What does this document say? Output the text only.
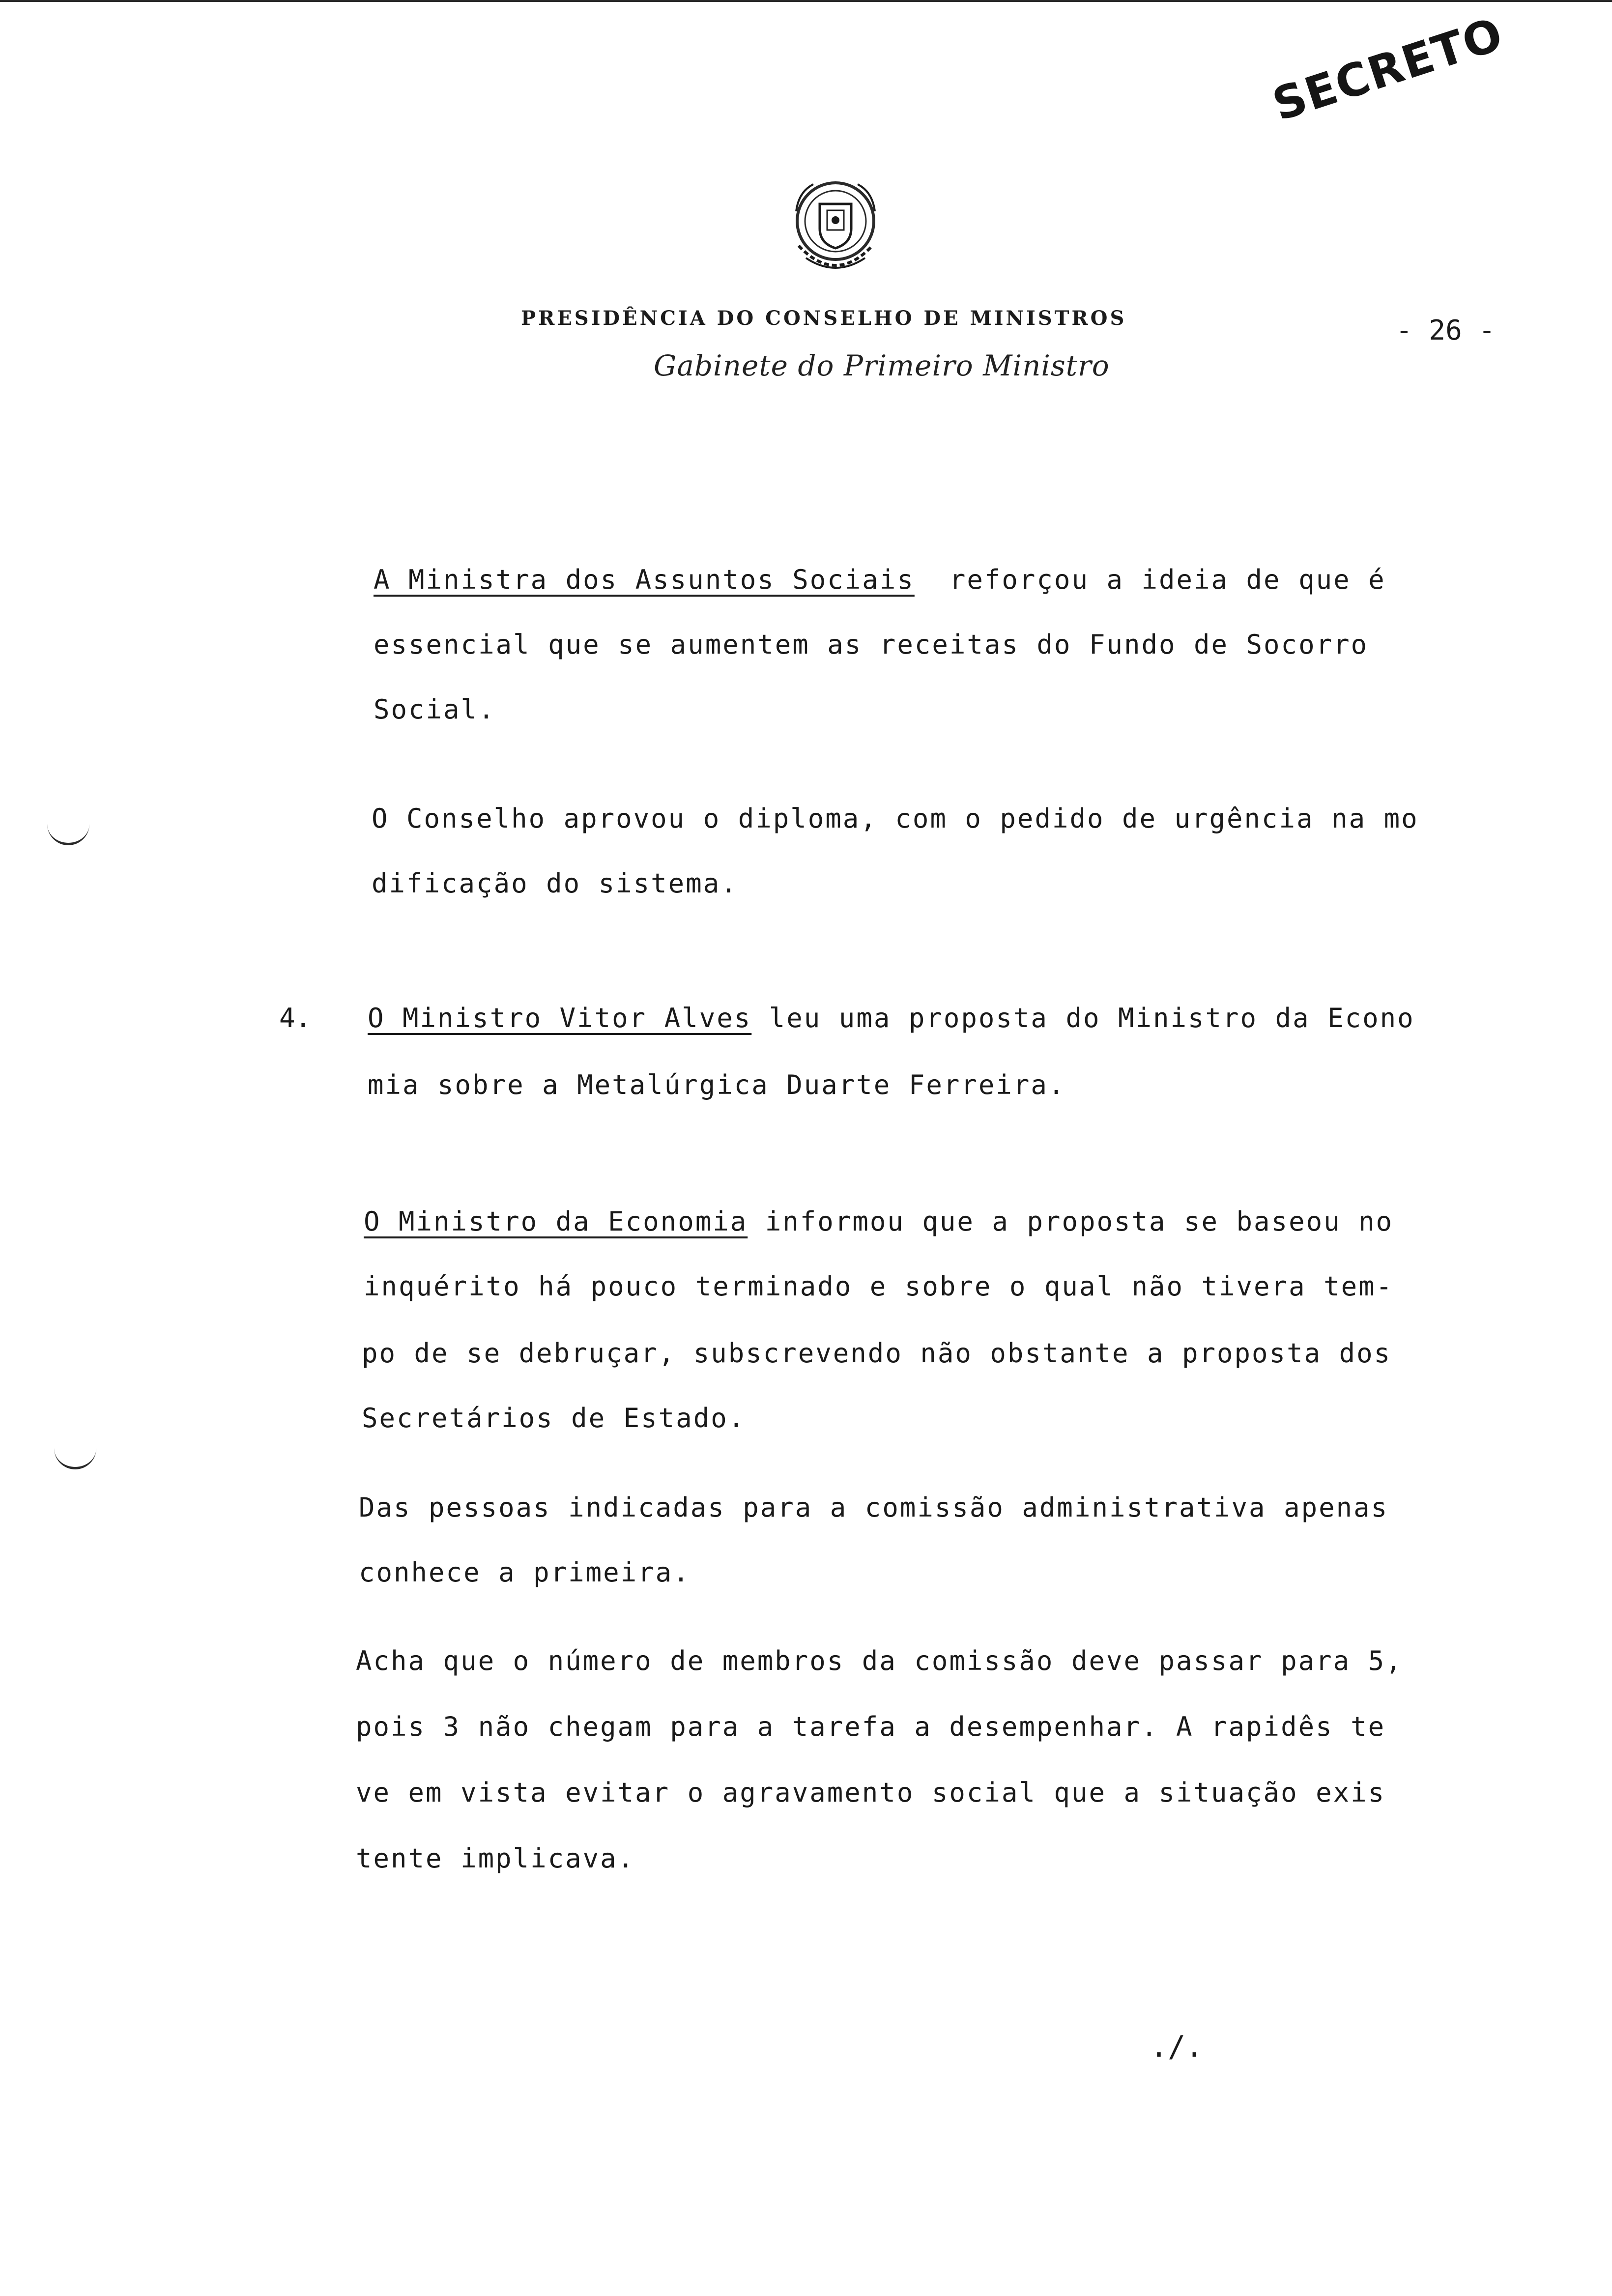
SECRETO
PRESIDÊNCIA DO CONSELHO DE MINISTROS
Gabinete do Primeiro Ministro
- 26 -
A Ministra dos Assuntos Sociais  reforçou a ideia de que é
essencial que se aumentem as receitas do Fundo de Socorro
Social.
O Conselho aprovou o diploma, com o pedido de urgência na mo
dificação do sistema.
4. O Ministro Vitor Alves leu uma proposta do Ministro da Econo
mia sobre a Metalúrgica Duarte Ferreira.
O Ministro da Economia informou que a proposta se baseou no
inquérito há pouco terminado e sobre o qual não tivera tem-
po de se debruçar, subscrevendo não obstante a proposta dos
Secretários de Estado.
Das pessoas indicadas para a comissão administrativa apenas
conhece a primeira.
Acha que o número de membros da comissão deve passar para 5,
pois 3 não chegam para a tarefa a desempenhar. A rapidês te
ve em vista evitar o agravamento social que a situação exis
tente implicava.
./.
